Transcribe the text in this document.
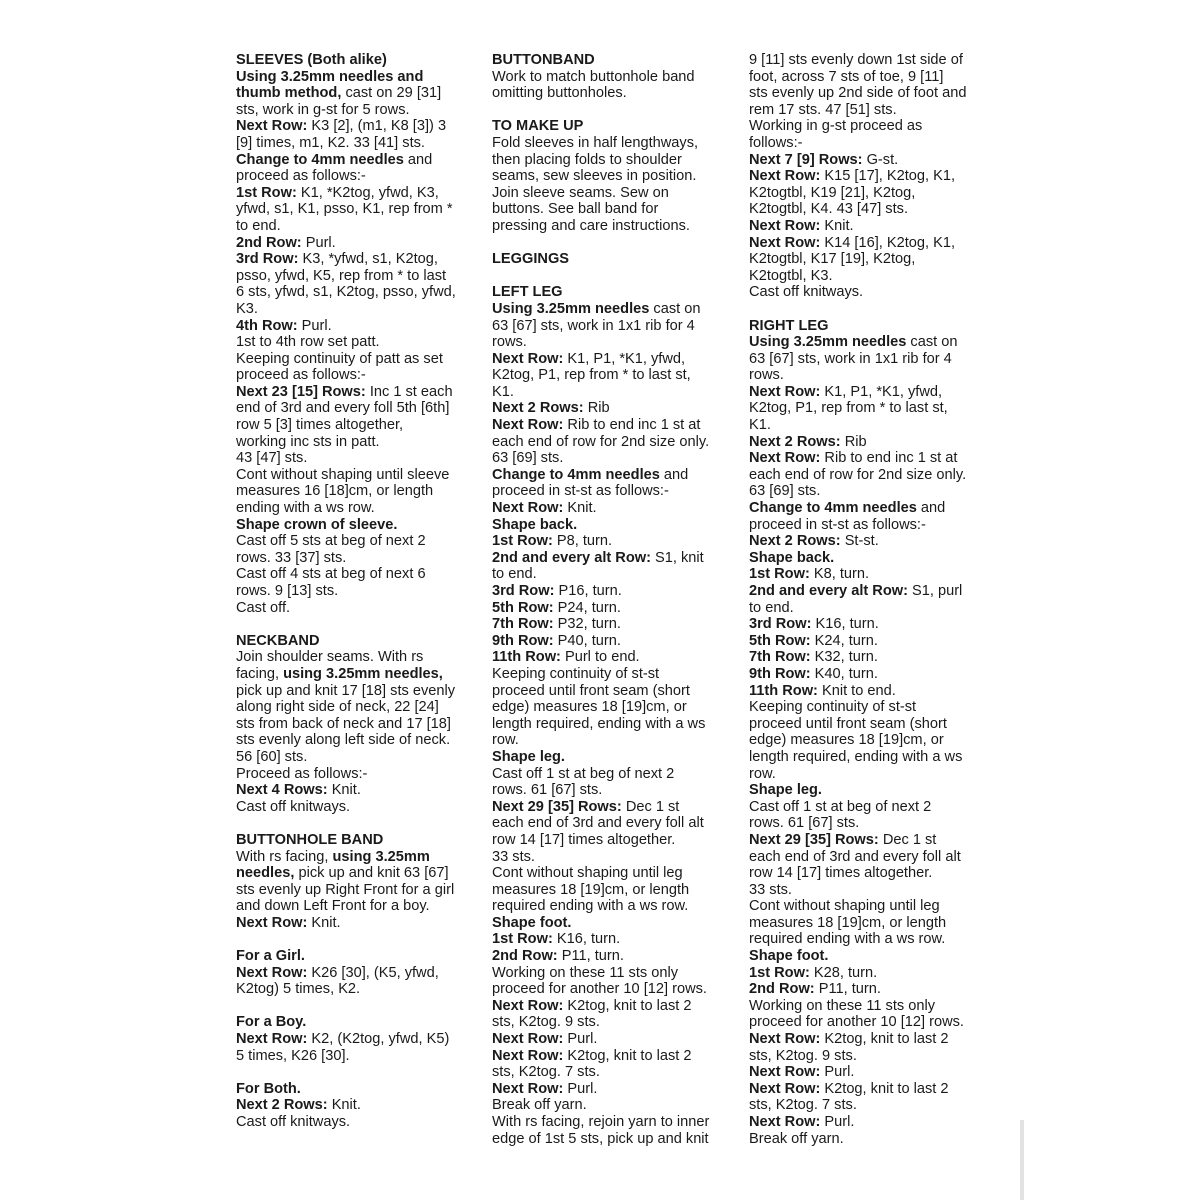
SLEEVES (Both alike)
Using 3.25mm needles and
thumb method, cast on 29 [31]
sts, work in g-st for 5 rows.
Next Row: K3 [2], (m1, K8 [3]) 3
[9] times, m1, K2. 33 [41] sts.
Change to 4mm needles and
proceed as follows:-
1st Row: K1, *K2tog, yfwd, K3,
yfwd, s1, K1, psso, K1, rep from *
to end.
2nd Row: Purl.
3rd Row: K3, *yfwd, s1, K2tog,
psso, yfwd, K5, rep from * to last
6 sts, yfwd, s1, K2tog, psso, yfwd,
K3.
4th Row: Purl.
1st to 4th row set patt.
Keeping continuity of patt as set
proceed as follows:-
Next 23 [15] Rows: Inc 1 st each
end of 3rd and every foll 5th [6th]
row 5 [3] times altogether,
working inc sts in patt.
43 [47] sts.
Cont without shaping until sleeve
measures 16 [18]cm, or length
ending with a ws row.
Shape crown of sleeve.
Cast off 5 sts at beg of next 2
rows. 33 [37] sts.
Cast off 4 sts at beg of next 6
rows. 9 [13] sts.
Cast off.
NECKBAND
Join shoulder seams. With rs
facing, using 3.25mm needles,
pick up and knit 17 [18] sts evenly
along right side of neck, 22 [24]
sts from back of neck and 17 [18]
sts evenly along left side of neck.
56 [60] sts.
Proceed as follows:-
Next 4 Rows: Knit.
Cast off knitways.
BUTTONHOLE BAND
With rs facing, using 3.25mm
needles, pick up and knit 63 [67]
sts evenly up Right Front for a girl
and down Left Front for a boy.
Next Row: Knit.
For a Girl.
Next Row: K26 [30], (K5, yfwd,
K2tog) 5 times, K2.
For a Boy.
Next Row: K2, (K2tog, yfwd, K5)
5 times, K26 [30].
For Both.
Next 2 Rows: Knit.
Cast off knitways.
BUTTONBAND
Work to match buttonhole band
omitting buttonholes.
TO MAKE UP
Fold sleeves in half lengthways,
then placing folds to shoulder
seams, sew sleeves in position.
Join sleeve seams. Sew on
buttons. See ball band for
pressing and care instructions.
LEGGINGS
LEFT LEG
Using 3.25mm needles cast on
63 [67] sts, work in 1x1 rib for 4
rows.
Next Row: K1, P1, *K1, yfwd,
K2tog, P1, rep from * to last st,
K1.
Next 2 Rows: Rib
Next Row: Rib to end inc 1 st at
each end of row for 2nd size only.
63 [69] sts.
Change to 4mm needles and
proceed in st-st as follows:-
Next Row: Knit.
Shape back.
1st Row: P8, turn.
2nd and every alt Row: S1, knit
to end.
3rd Row: P16, turn.
5th Row: P24, turn.
7th Row: P32, turn.
9th Row: P40, turn.
11th Row: Purl to end.
Keeping continuity of st-st
proceed until front seam (short
edge) measures 18 [19]cm, or
length required, ending with a ws
row.
Shape leg.
Cast off 1 st at beg of next 2
rows. 61 [67] sts.
Next 29 [35] Rows: Dec 1 st
each end of 3rd and every foll alt
row 14 [17] times altogether.
33 sts.
Cont without shaping until leg
measures 18 [19]cm, or length
required ending with a ws row.
Shape foot.
1st Row: K16, turn.
2nd Row: P11, turn.
Working on these 11 sts only
proceed for another 10 [12] rows.
Next Row: K2tog, knit to last 2
sts, K2tog. 9 sts.
Next Row: Purl.
Next Row: K2tog, knit to last 2
sts, K2tog. 7 sts.
Next Row: Purl.
Break off yarn.
With rs facing, rejoin yarn to inner
edge of 1st 5 sts, pick up and knit
9 [11] sts evenly down 1st side of
foot, across 7 sts of toe, 9 [11]
sts evenly up 2nd side of foot and
rem 17 sts. 47 [51] sts.
Working in g-st proceed as
follows:-
Next 7 [9] Rows: G-st.
Next Row: K15 [17], K2tog, K1,
K2togtbl, K19 [21], K2tog,
K2togtbl, K4. 43 [47] sts.
Next Row: Knit.
Next Row: K14 [16], K2tog, K1,
K2togtbl, K17 [19], K2tog,
K2togtbl, K3.
Cast off knitways.
RIGHT LEG
Using 3.25mm needles cast on
63 [67] sts, work in 1x1 rib for 4
rows.
Next Row: K1, P1, *K1, yfwd,
K2tog, P1, rep from * to last st,
K1.
Next 2 Rows: Rib
Next Row: Rib to end inc 1 st at
each end of row for 2nd size only.
63 [69] sts.
Change to 4mm needles and
proceed in st-st as follows:-
Next 2 Rows: St-st.
Shape back.
1st Row: K8, turn.
2nd and every alt Row: S1, purl
to end.
3rd Row: K16, turn.
5th Row: K24, turn.
7th Row: K32, turn.
9th Row: K40, turn.
11th Row: Knit to end.
Keeping continuity of st-st
proceed until front seam (short
edge) measures 18 [19]cm, or
length required, ending with a ws
row.
Shape leg.
Cast off 1 st at beg of next 2
rows. 61 [67] sts.
Next 29 [35] Rows: Dec 1 st
each end of 3rd and every foll alt
row 14 [17] times altogether.
33 sts.
Cont without shaping until leg
measures 18 [19]cm, or length
required ending with a ws row.
Shape foot.
1st Row: K28, turn.
2nd Row: P11, turn.
Working on these 11 sts only
proceed for another 10 [12] rows.
Next Row: K2tog, knit to last 2
sts, K2tog. 9 sts.
Next Row: Purl.
Next Row: K2tog, knit to last 2
sts, K2tog. 7 sts.
Next Row: Purl.
Break off yarn.
